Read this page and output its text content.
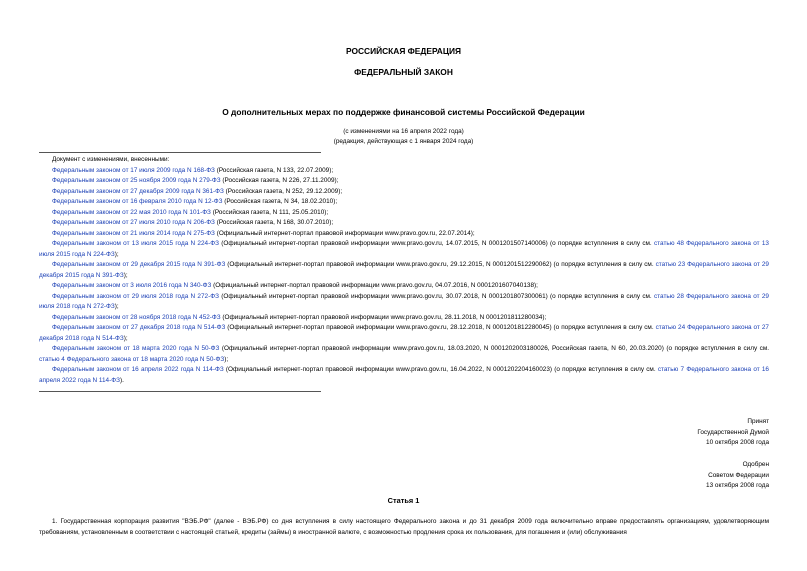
РОССИЙСКАЯ ФЕДЕРАЦИЯ
ФЕДЕРАЛЬНЫЙ ЗАКОН
О дополнительных мерах по поддержке финансовой системы Российской Федерации
(с изменениями на 16 апреля 2022 года)
(редакция, действующая с 1 января 2024 года)
Документ с изменениями, внесенными:
Федеральным законом от 17 июля 2009 года N 168-ФЗ (Российская газета, N 133, 22.07.2009);
Федеральным законом от 25 ноября 2009 года N 279-ФЗ (Российская газета, N 226, 27.11.2009);
Федеральным законом от 27 декабря 2009 года N 361-ФЗ (Российская газета, N 252, 29.12.2009);
Федеральным законом от 16 февраля 2010 года N 12-ФЗ (Российская газета, N 34, 18.02.2010);
Федеральным законом от 22 мая 2010 года N 101-ФЗ (Российская газета, N 111, 25.05.2010);
Федеральным законом от 27 июля 2010 года N 206-ФЗ (Российская газета, N 168, 30.07.2010);
Федеральным законом от 21 июля 2014 года N 275-ФЗ (Официальный интернет-портал правовой информации www.pravo.gov.ru, 22.07.2014);
Федеральным законом от 13 июля 2015 года N 224-ФЗ (Официальный интернет-портал правовой информации www.pravo.gov.ru, 14.07.2015, N 0001201507140006) (о порядке вступления в силу см. статью 48 Федерального закона от 13 июля 2015 года N 224-ФЗ);
Федеральным законом от 29 декабря 2015 года N 391-ФЗ (Официальный интернет-портал правовой информации www.pravo.gov.ru, 29.12.2015, N 0001201512290062) (о порядке вступления в силу см. статью 23 Федерального закона от 29 декабря 2015 года N 391-ФЗ);
Федеральным законом от 3 июля 2016 года N 340-ФЗ (Официальный интернет-портал правовой информации www.pravo.gov.ru, 04.07.2016, N 0001201607040138);
Федеральным законом от 29 июля 2018 года N 272-ФЗ (Официальный интернет-портал правовой информации www.pravo.gov.ru, 30.07.2018, N 0001201807300061) (о порядке вступления в силу см. статью 28 Федерального закона от 29 июля 2018 года N 272-ФЗ);
Федеральным законом от 28 ноября 2018 года N 452-ФЗ (Официальный интернет-портал правовой информации www.pravo.gov.ru, 28.11.2018, N 0001201811280034);
Федеральным законом от 27 декабря 2018 года N 514-ФЗ (Официальный интернет-портал правовой информации www.pravo.gov.ru, 28.12.2018, N 0001201812280045) (о порядке вступления в силу см. статью 24 Федерального закона от 27 декабря 2018 года N 514-ФЗ);
Федеральным законом от 18 марта 2020 года N 50-ФЗ (Официальный интернет-портал правовой информации www.pravo.gov.ru, 18.03.2020, N 0001202003180026, Российская газета, N 60, 20.03.2020) (о порядке вступления в силу см. статью 4 Федерального закона от 18 марта 2020 года N 50-ФЗ);
Федеральным законом от 16 апреля 2022 года N 114-ФЗ (Официальный интернет-портал правовой информации www.pravo.gov.ru, 16.04.2022, N 0001202204160023) (о порядке вступления в силу см. статью 7 Федерального закона от 16 апреля 2022 года N 114-ФЗ).
Принят
Государственной Думой
10 октября 2008 года
Одобрен
Советом Федерации
13 октября 2008 года
Статья 1
1. Государственная корпорация развития "ВЭБ.РФ" (далее - ВЭБ.РФ) со дня вступления в силу настоящего Федерального закона и до 31 декабря 2009 года включительно вправе предоставлять организациям, удовлетворяющим требованиям, установленным в соответствии с настоящей статьей, кредиты (займы) в иностранной валюте, с возможностью продления срока их пользования, для погашения и (или) обслуживания
